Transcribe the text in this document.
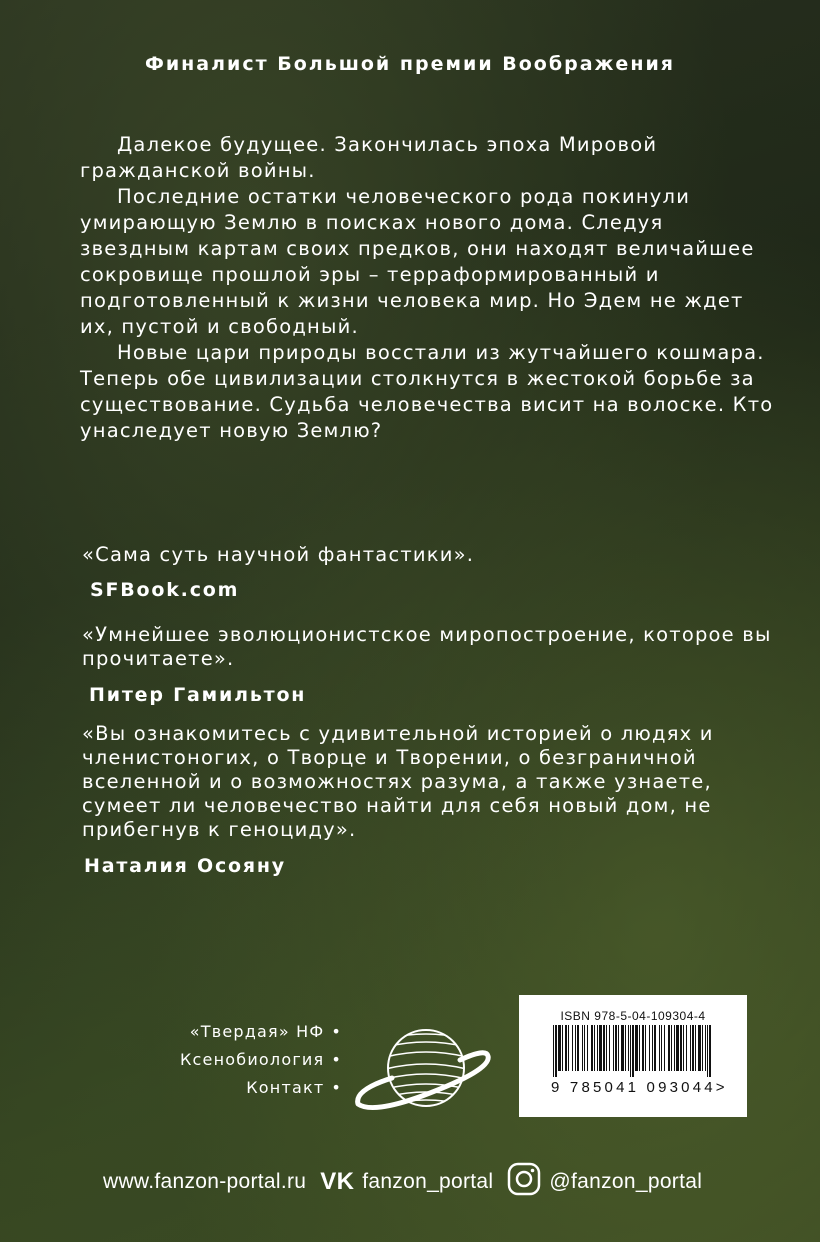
Финалист Большой премии Воображения

Далекое будущее. Закончилась эпоха Мировой гражданской войны.

Последние остатки человеческого рода покинули умирающую Землю в поисках нового дома. Следуя звездным картам своих предков, они находят величайшее сокровище прошлой эры – терраформированный и подготовленный к жизни человека мир. Но Эдем не ждет их, пустой и свободный.

Новые цари природы восстали из жутчайшего кошмара. Теперь обе цивилизации столкнутся в жестокой борьбе за существование. Судьба человечества висит на волоске. Кто унаследует новую Землю?

«Сама суть научной фантастики».
SFBook.com
«Умнейшее эволюционистское миропостроение, которое вы прочитаете».
Питер Гамильтон
«Вы ознакомитесь с удивительной историей о людях и членистоногих, о Творце и Творении, о безграничной вселенной и о возможностях разума, а также узнаете, сумеет ли человечество найти для себя новый дом, не прибегнув к геноциду».
Наталия Осояну
«Твердая» НФ •
Ксенобиология •
Контакт •
ISBN 978-5-04-109304-4
9 785041 093044>
www.fanzon-portal.ru VK fanzon_portal	@fanzon_portal
